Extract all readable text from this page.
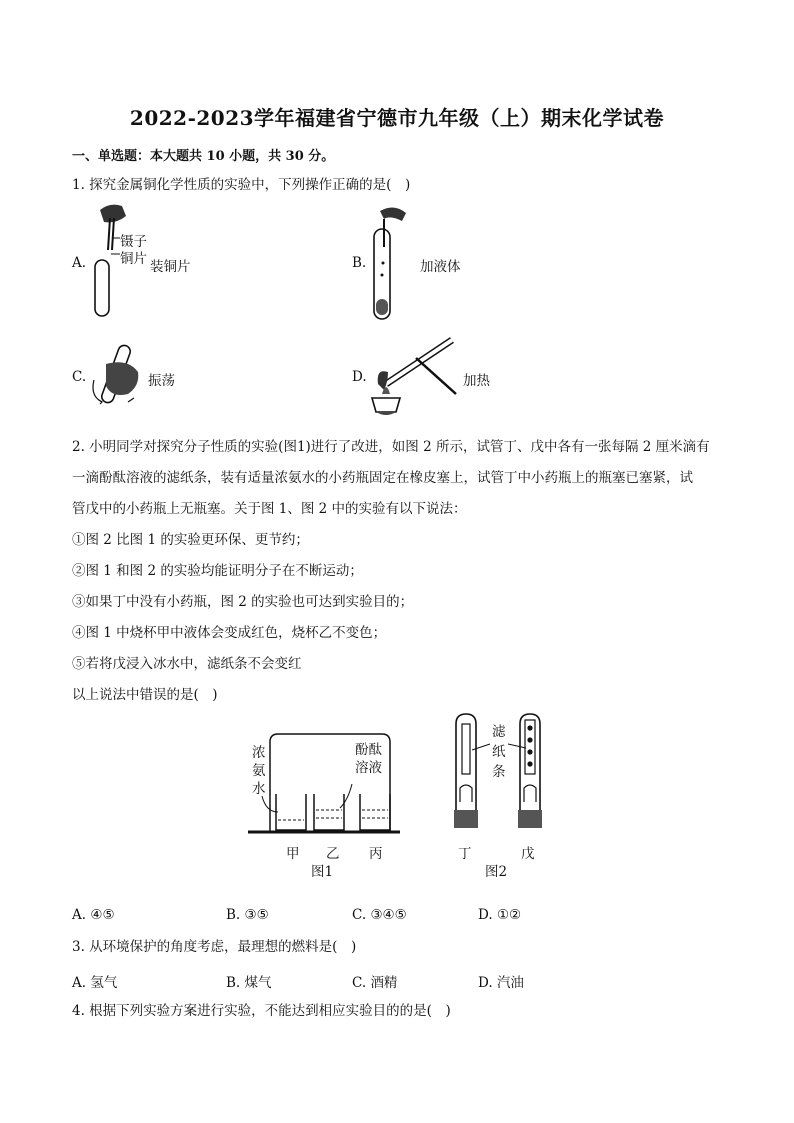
2022-2023学年福建省宁德市九年级（上）期末化学试卷
一、单选题：本大题共 10 小题，共 30 分。
1. 探究金属铜化学性质的实验中，下列操作正确的是(　)
A.
镊子
铜片 装铜片	B.	加液体
C.	振荡	D.	加热
2. 小明同学对探究分子性质的实验(图1)进行了改进，如图 2 所示，试管丁、戊中各有一张每隔 2 厘米滴有
一滴酚酞溶液的滤纸条，装有适量浓氨水的小药瓶固定在橡皮塞上，试管丁中小药瓶上的瓶塞已塞紧，试
管戊中的小药瓶上无瓶塞。关于图 1、图 2 中的实验有以下说法：
①图 2 比图 1 的实验更环保、更节约；
②图 1 和图 2 的实验均能证明分子在不断运动；
③如果丁中没有小药瓶，图 2 的实验也可达到实验目的；
④图 1 中烧杯甲中液体会变成红色，烧杯乙不变色；
⑤若将戊浸入冰水中，滤纸条不会变红
以上说法中错误的是(　)
浓
氨
水
酚酞
溶液
甲 乙 丙
图1
滤
纸
条
丁	戊
图2
A. ④⑤	B. ③⑤	C. ③④⑤	D. ①②
3. 从环境保护的角度考虑，最理想的燃料是(　)
A. 氢气	B. 煤气	C. 酒精	D. 汽油
4. 根据下列实验方案进行实验，不能达到相应实验目的的是(　)
